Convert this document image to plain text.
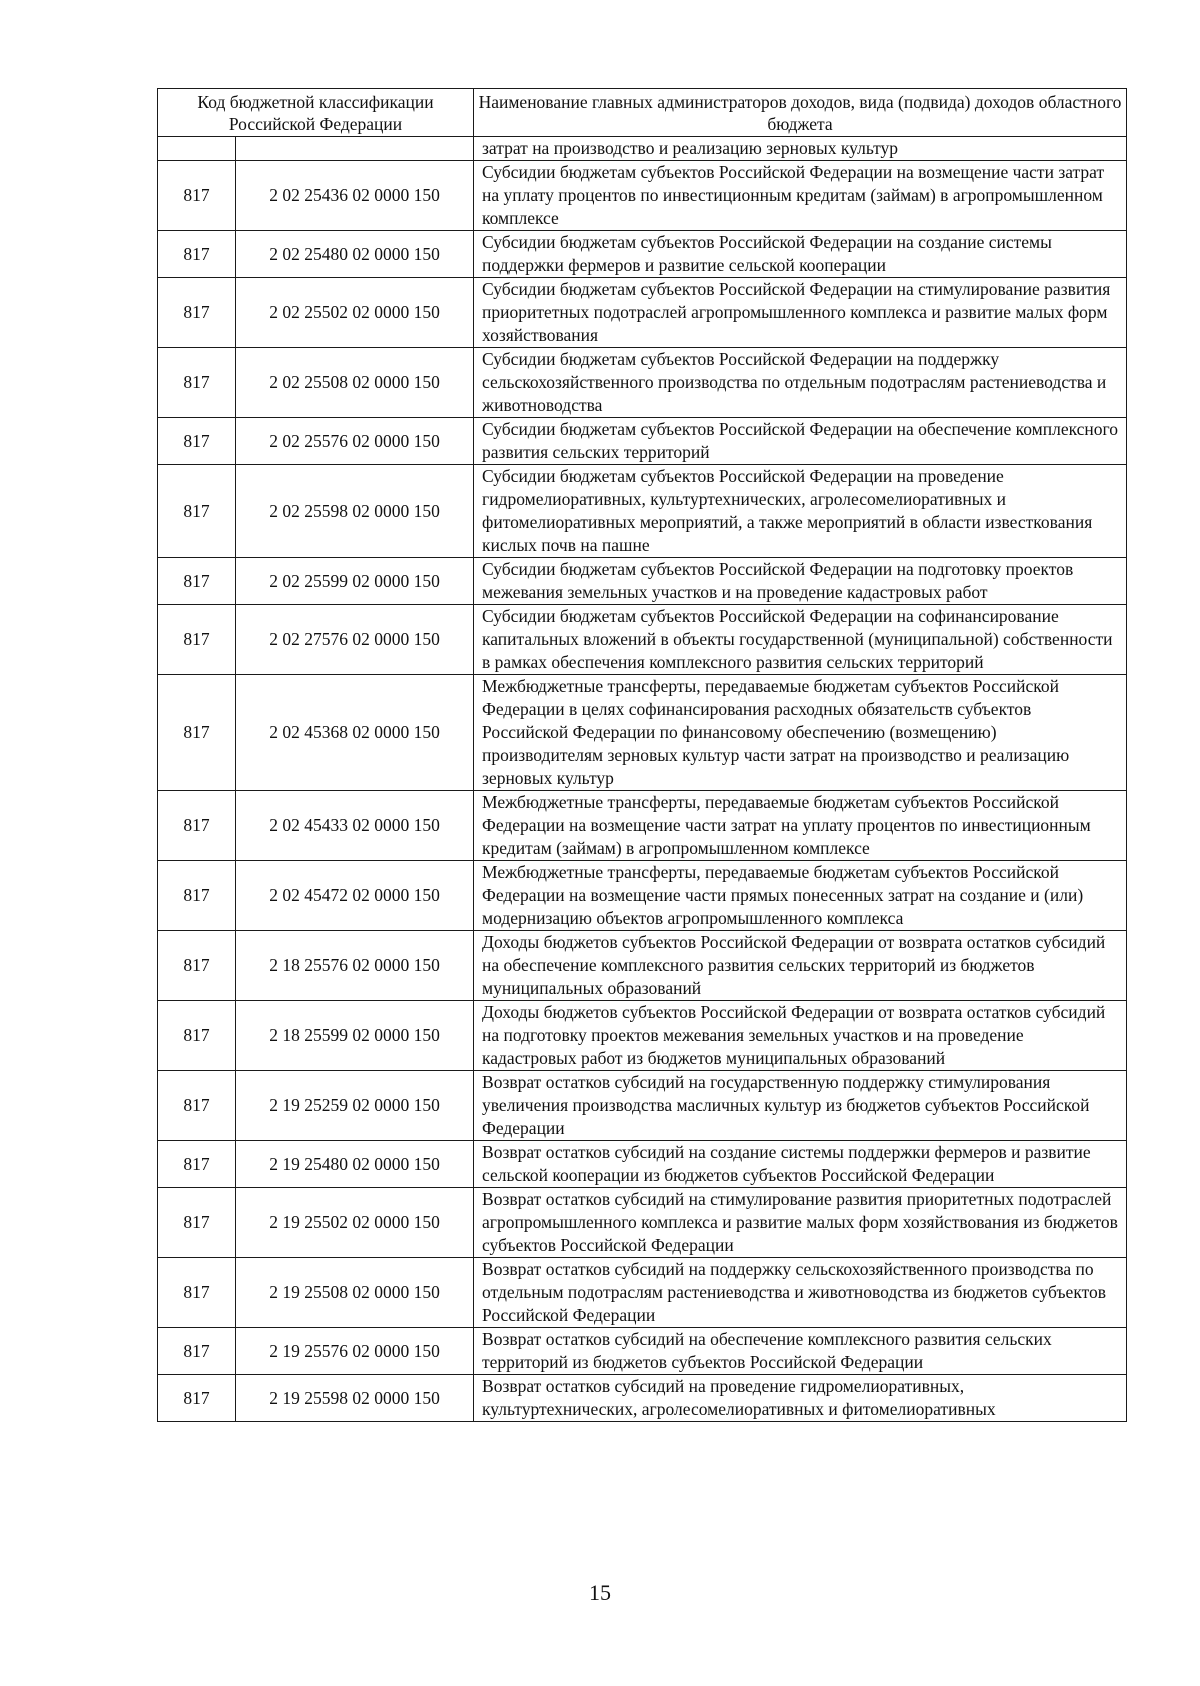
Код бюджетной классификации Российской Федерации		Наименование главных администраторов доходов, вида (подвида) доходов областного бюджета
		затрат на производство и реализацию зерновых культур
817	2 02 25436 02 0000 150	Субсидии бюджетам субъектов Российской Федерации на возмещение части затрат на уплату процентов по инвестиционным кредитам (займам) в агропромышленном комплексе
817	2 02 25480 02 0000 150	Субсидии бюджетам субъектов Российской Федерации на создание системы поддержки фермеров и развитие сельской кооперации
817	2 02 25502 02 0000 150	Субсидии бюджетам субъектов Российской Федерации на стимулирование развития приоритетных подотраслей агропромышленного комплекса и развитие малых форм хозяйствования
817	2 02 25508 02 0000 150	Субсидии бюджетам субъектов Российской Федерации на поддержку сельскохозяйственного производства по отдельным подотраслям растениеводства и животноводства
817	2 02 25576 02 0000 150	Субсидии бюджетам субъектов Российской Федерации на обеспечение комплексного развития сельских территорий
817	2 02 25598 02 0000 150	Субсидии бюджетам субъектов Российской Федерации на проведение гидромелиоративных, культуртехнических, агролесомелиоративных и фитомелиоративных мероприятий, а также мероприятий в области известкования кислых почв на пашне
817	2 02 25599 02 0000 150	Субсидии бюджетам субъектов Российской Федерации на подготовку проектов межевания земельных участков и на проведение кадастровых работ
817	2 02 27576 02 0000 150	Субсидии бюджетам субъектов Российской Федерации на софинансирование капитальных вложений в объекты государственной (муниципальной) собственности в рамках обеспечения комплексного развития сельских территорий
817	2 02 45368 02 0000 150	Межбюджетные трансферты, передаваемые бюджетам субъектов Российской Федерации в целях софинансирования расходных обязательств субъектов Российской Федерации по финансовому обеспечению (возмещению) производителям зерновых культур части затрат на производство и реализацию зерновых культур
817	2 02 45433 02 0000 150	Межбюджетные трансферты, передаваемые бюджетам субъектов Российской Федерации на возмещение части затрат на уплату процентов по инвестиционным кредитам (займам) в агропромышленном комплексе
817	2 02 45472 02 0000 150	Межбюджетные трансферты, передаваемые бюджетам субъектов Российской Федерации на возмещение части прямых понесенных затрат на создание и (или) модернизацию объектов агропромышленного комплекса
817	2 18 25576 02 0000 150	Доходы бюджетов субъектов Российской Федерации от возврата остатков субсидий на обеспечение комплексного развития сельских территорий из бюджетов муниципальных образований
817	2 18 25599 02 0000 150	Доходы бюджетов субъектов Российской Федерации от возврата остатков субсидий на подготовку проектов межевания земельных участков и на проведение кадастровых работ из бюджетов муниципальных образований
817	2 19 25259 02 0000 150	Возврат остатков субсидий на государственную поддержку стимулирования увеличения производства масличных культур из бюджетов субъектов Российской Федерации
817	2 19 25480 02 0000 150	Возврат остатков субсидий на создание системы поддержки фермеров и развитие сельской кооперации из бюджетов субъектов Российской Федерации
817	2 19 25502 02 0000 150	Возврат остатков субсидий на стимулирование развития приоритетных подотраслей агропромышленного комплекса и развитие малых форм хозяйствования из бюджетов субъектов Российской Федерации
817	2 19 25508 02 0000 150	Возврат остатков субсидий на поддержку сельскохозяйственного производства по отдельным подотраслям растениеводства и животноводства из бюджетов субъектов Российской Федерации
817	2 19 25576 02 0000 150	Возврат остатков субсидий на обеспечение комплексного развития сельских территорий из бюджетов субъектов Российской Федерации
817	2 19 25598 02 0000 150	Возврат остатков субсидий на проведение гидромелиоративных, культуртехнических, агролесомелиоративных и фитомелиоративных
15
